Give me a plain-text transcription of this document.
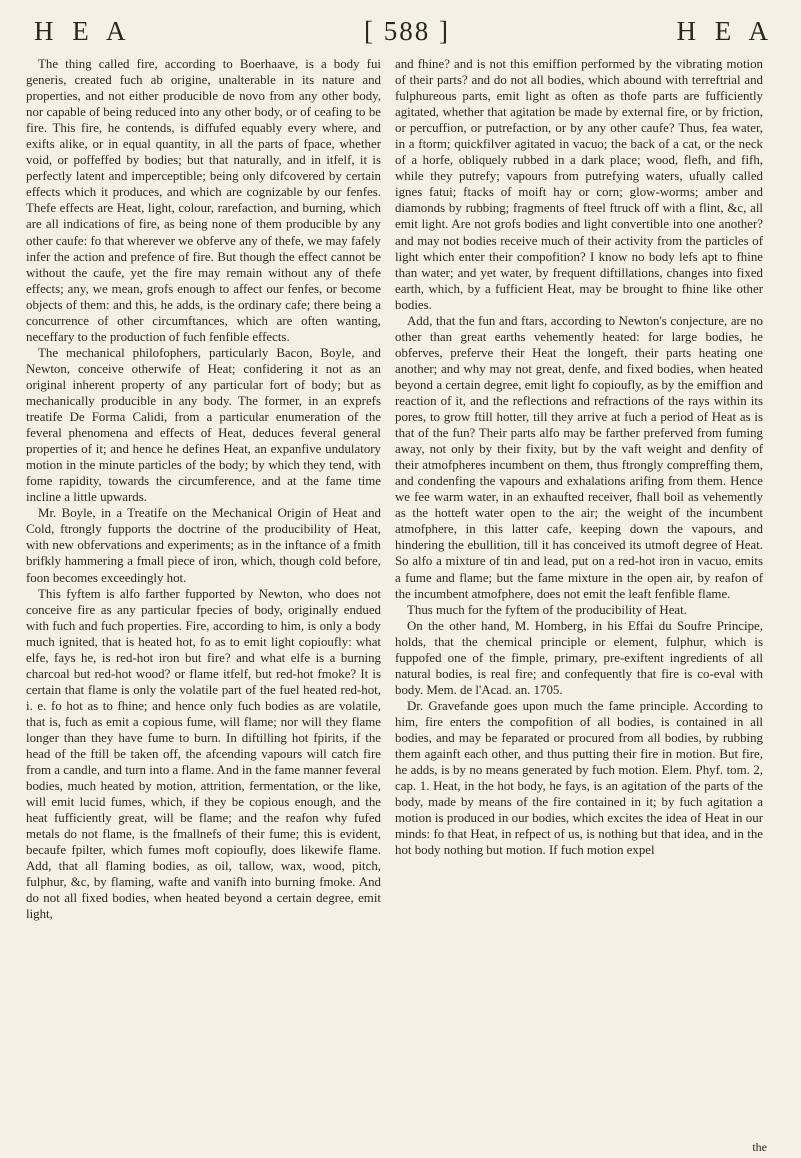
H E A	[ 588 ]	H E A

The thing called fire, according to Boerhaave, is a body fui generis, created fuch ab origine, unalterable in its nature and properties, and not either producible de novo from any other body, nor capable of being reduced into any other body, or of ceafing to be fire. This fire, he contends, is diffufed equably every where, and exifts alike, or in equal quantity, in all the parts of fpace, whether void, or poffeffed by bodies; but that naturally, and in itfelf, it is perfectly latent and imperceptible; being only difcovered by certain effects which it produces, and which are cognizable by our fenfes. Thefe effects are Heat, light, colour, rarefaction, and burning, which are all indications of fire, as being none of them producible by any other caufe: fo that wherever we obferve any of thefe, we may fafely infer the action and prefence of fire. But though the effect cannot be without the caufe, yet the fire may remain without any of thefe effects; any, we mean, grofs enough to affect our fenfes, or become objects of them: and this, he adds, is the ordinary cafe; there being a concurrence of other circumftances, which are often wanting, neceffary to the production of fuch fenfible effects.

The mechanical philofophers, particularly Bacon, Boyle, and Newton, conceive otherwife of Heat; confidering it not as an original inherent property of any particular fort of body; but as mechanically producible in any body. The former, in an exprefs treatife De Forma Calidi, from a particular enumeration of the feveral phenomena and effects of Heat, deduces feveral general properties of it; and hence he defines Heat, an expanfive undulatory motion in the minute particles of the body; by which they tend, with fome rapidity, towards the circumference, and at the fame time incline a little upwards.

Mr. Boyle, in a Treatife on the Mechanical Origin of Heat and Cold, ftrongly fupports the doctrine of the producibility of Heat, with new obfervations and experiments; as in the inftance of a fmith brifkly hammering a fmall piece of iron, which, though cold before, foon becomes exceedingly hot.

This fyftem is alfo farther fupported by Newton, who does not conceive fire as any particular fpecies of body, originally endued with fuch and fuch properties. Fire, according to him, is only a body much ignited, that is heated hot, fo as to emit light copioufly: what elfe, fays he, is red-hot iron but fire? and what elfe is a burning charcoal but red-hot wood? or flame itfelf, but red-hot fmoke? It is certain that flame is only the volatile part of the fuel heated red-hot, i. e. fo hot as to fhine; and hence only fuch bodies as are volatile, that is, fuch as emit a copious fume, will flame; nor will they flame longer than they have fume to burn. In diftilling hot fpirits, if the head of the ftill be taken off, the afcending vapours will catch fire from a candle, and turn into a flame. And in the fame manner feveral bodies, much heated by motion, attrition, fermentation, or the like, will emit lucid fumes, which, if they be copious enough, and the heat fufficiently great, will be flame; and the reafon why fufed metals do not flame, is the fmallnefs of their fume; this is evident, becaufe fpilter, which fumes moft copioufly, does likewife flame. Add, that all flaming bodies, as oil, tallow, wax, wood, pitch, fulphur, &c, by flaming, wafte and vanifh into burning fmoke. And do not all fixed bodies, when heated beyond a certain degree, emit light,

and fhine? and is not this emiffion performed by the vibrating motion of their parts? and do not all bodies, which abound with terreftrial and fulphureous parts, emit light as often as thofe parts are fufficiently agitated, whether that agitation be made by external fire, or by friction, or percuffion, or putrefaction, or by any other caufe? Thus, fea water, in a ftorm; quickfilver agitated in vacuo; the back of a cat, or the neck of a horfe, obliquely rubbed in a dark place; wood, flefh, and fifh, while they putrefy; vapours from putrefying waters, ufually called ignes fatui; ftacks of moift hay or corn; glow-worms; amber and diamonds by rubbing; fragments of fteel ftruck off with a flint, &c, all emit light. Are not grofs bodies and light convertible into one another? and may not bodies receive much of their activity from the particles of light which enter their compofition? I know no body lefs apt to fhine than water; and yet water, by frequent diftillations, changes into fixed earth, which, by a fufficient Heat, may be brought to fhine like other bodies.

Add, that the fun and ftars, according to Newton's conjecture, are no other than great earths vehemently heated: for large bodies, he obferves, preferve their Heat the longeft, their parts heating one another; and why may not great, denfe, and fixed bodies, when heated beyond a certain degree, emit light fo copioufly, as by the emiffion and reaction of it, and the reflections and refractions of the rays within its pores, to grow ftill hotter, till they arrive at fuch a period of Heat as is that of the fun? Their parts alfo may be farther preferved from fuming away, not only by their fixity, but by the vaft weight and denfity of their atmofpheres incumbent on them, thus ftrongly compreffing them, and condenfing the vapours and exhalations arifing from them. Hence we fee warm water, in an exhaufted receiver, fhall boil as vehemently as the hotteft water open to the air; the weight of the incumbent atmofphere, in this latter cafe, keeping down the vapours, and hindering the ebullition, till it has conceived its utmoft degree of Heat. So alfo a mixture of tin and lead, put on a red-hot iron in vacuo, emits a fume and flame; but the fame mixture in the open air, by reafon of the incumbent atmofphere, does not emit the leaft fenfible flame.

Thus much for the fyftem of the producibility of Heat.

On the other hand, M. Homberg, in his Effai du Soufre Principe, holds, that the chemical principle or element, fulphur, which is fuppofed one of the fimple, primary, pre-exiftent ingredients of all natural bodies, is real fire; and confequently that fire is co-eval with body. Mem. de l'Acad. an. 1705.

Dr. Gravefande goes upon much the fame principle. According to him, fire enters the compofition of all bodies, is contained in all bodies, and may be feparated or procured from all bodies, by rubbing them againft each other, and thus putting their fire in motion. But fire, he adds, is by no means generated by fuch motion. Elem. Phyf. tom. 2, cap. 1. Heat, in the hot body, he fays, is an agitation of the parts of the body, made by means of the fire contained in it; by fuch agitation a motion is produced in our bodies, which excites the idea of Heat in our minds: fo that Heat, in refpect of us, is nothing but that idea, and in the hot body nothing but motion. If fuch motion expel

the
